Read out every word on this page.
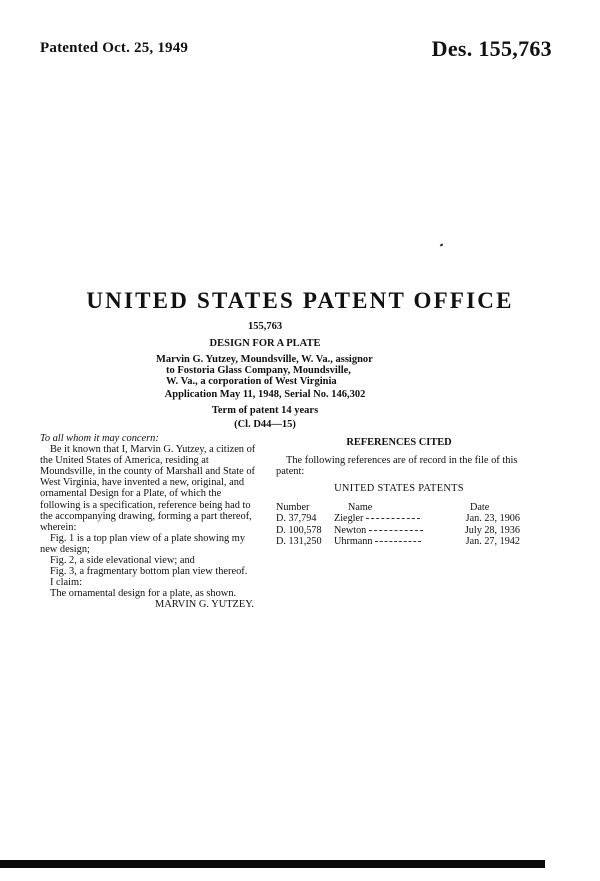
Patented Oct. 25, 1949	Des. 155,763
UNITED STATES PATENT OFFICE
155,763
DESIGN FOR A PLATE
Marvin G. Yutzey, Moundsville, W. Va., assignor
to Fostoria Glass Company, Moundsville,
W. Va., a corporation of West Virginia
Application May 11, 1948, Serial No. 146,302
Term of patent 14 years
(Cl. D44—15)

To all whom it may concern:

Be it known that I, Marvin G. Yutzey, a citizen of the United States of America, residing at Moundsville, in the county of Marshall and State of West Virginia, have invented a new, original, and ornamental Design for a Plate, of which the following is a specification, reference being had to the accompanying drawing, forming a part thereof, wherein:

Fig. 1 is a top plan view of a plate showing my new design;

Fig. 2, a side elevational view; and

Fig. 3, a fragmentary bottom plan view thereof.

I claim:

The ornamental design for a plate, as shown.

MARVIN G. YUTZEY.

REFERENCES CITED

The following references are of record in the file of this patent:

UNITED STATES PATENTS

Number	Name	Date
D. 37,794	Ziegler	Jan. 23, 1906
D. 100,578	Newton	July 28, 1936
D. 131,250	Uhrmann	Jan. 27, 1942
